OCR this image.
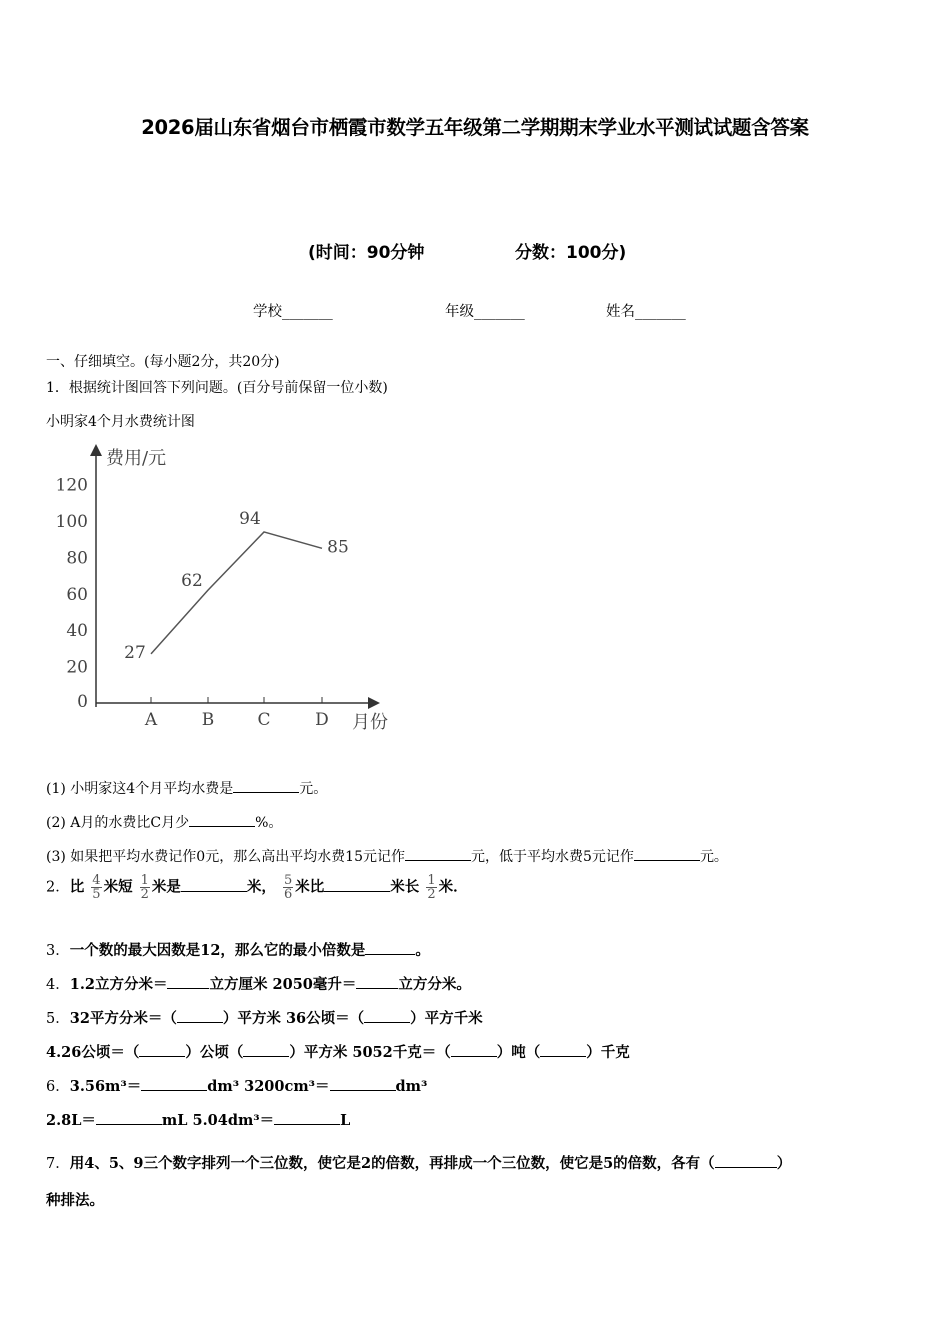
2026届山东省烟台市栖霞市数学五年级第二学期期末学业水平测试试题含答案
(时间：90分钟	分数：100分)
学校_______	年级_______	姓名_______
一、仔细填空。(每小题2分，共20分)
1．根据统计图回答下列问题。(百分号前保留一位小数)
小明家4个月水费统计图
费用/元
月份
0
20
40
60
80
100
120
A	B	C	D
27
62
94
85
(1) 小明家这4个月平均水费是	元。
(2) A月的水费比C月少	%。
(3) 如果把平均水费记作0元，那么高出平均水费15元记作	元，低于平均水费5元记作	元。
2．比 $\frac{4}{5}$ 米短 $\frac{1}{2}$ 米是	米， $\frac{5}{6}$ 米比	米长 $\frac{1}{2}$ 米．
3．一个数的最大因数是12，那么它的最小倍数是	。
4．1.2立方分米＝	立方厘米 2050毫升＝	立方分米。
5．32平方分米＝（	）平方米 36公顷＝（	）平方千米
4.26公顷＝（	）公顷（	）平方米 5052千克＝（	）吨（	）千克
6．3.56m³＝	dm³ 3200cm³＝	dm³
2.8L＝	mL 5.04dm³＝	L
7．用4、5、9三个数字排列一个三位数，使它是2的倍数，再排成一个三位数，使它是5的倍数，各有（	）
种排法。
